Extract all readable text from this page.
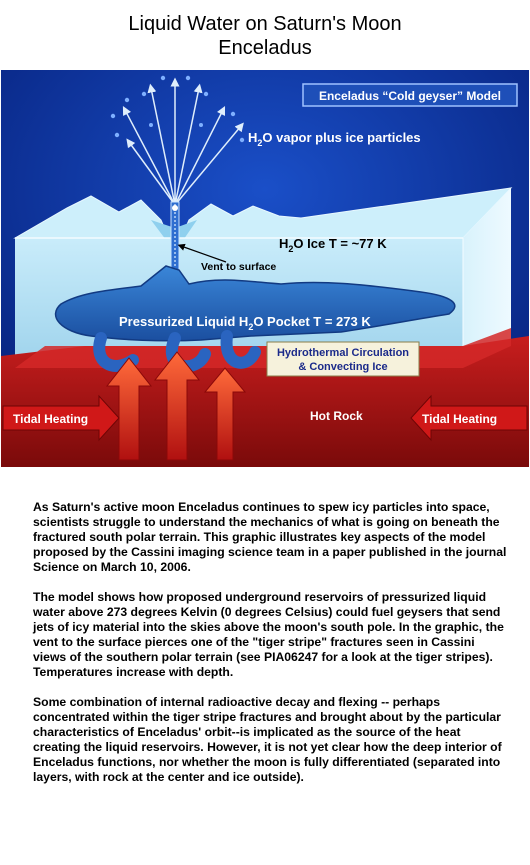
Liquid Water on Saturn's Moon
Enceladus
Enceladus “Cold geyser” Model
$H_2O$ vapor plus ice particles
Vent to surface
$H_2O$ Ice T = ~77 K
Pressurized Liquid $H_2O$ Pocket T = 273 K
Hydrothermal Circulation
& Convecting Ice
Tidal Heating	Tidal Heating
Hot Rock

As Saturn's active moon Enceladus continues to spew icy particles into space, scientists struggle to understand the mechanics of what is going on beneath the fractured south polar terrain. This graphic illustrates key aspects of the model proposed by the Cassini imaging science team in a paper published in the journal Science on March 10, 2006.

The model shows how proposed underground reservoirs of pressurized liquid water above 273 degrees Kelvin (0 degrees Celsius) could fuel geysers that send jets of icy material into the skies above the moon's south pole. In the graphic, the vent to the surface pierces one of the "tiger stripe" fractures seen in Cassini views of the southern polar terrain (see PIA06247 for a look at the tiger stripes). Temperatures increase with depth.

Some combination of internal radioactive decay and flexing -- perhaps concentrated within the tiger stripe fractures and brought about by the particular characteristics of Enceladus' orbit--is implicated as the source of the heat creating the liquid reservoirs. However, it is not yet clear how the deep interior of Enceladus functions, nor whether the moon is fully differentiated (separated into layers, with rock at the center and ice outside).
